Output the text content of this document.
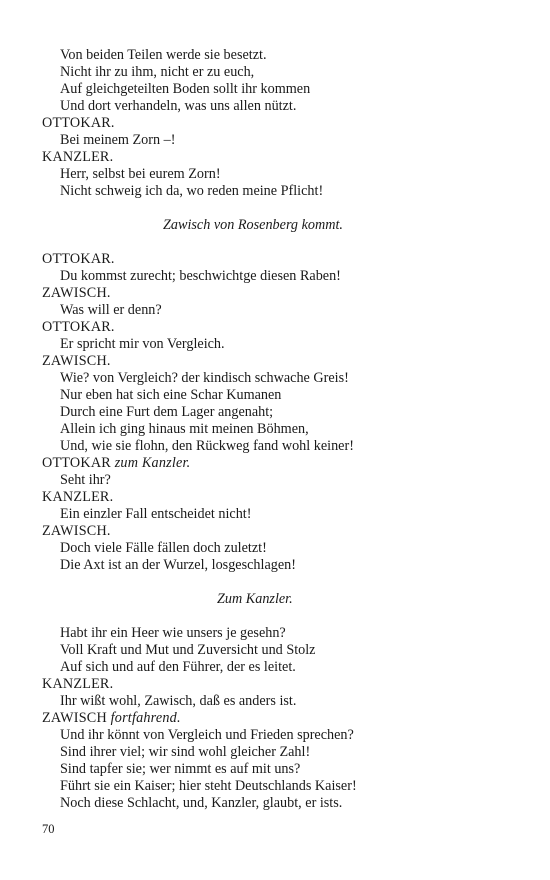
Von beiden Teilen werde sie besetzt.
Nicht ihr zu ihm, nicht er zu euch,
Auf gleichgeteilten Boden sollt ihr kommen
Und dort verhandeln, was uns allen nützt.
OTTOKAR.
Bei meinem Zorn –!
KANZLER.
Herr, selbst bei eurem Zorn!
Nicht schweig ich da, wo reden meine Pflicht!
Zawisch von Rosenberg kommt.
OTTOKAR.
Du kommst zurecht; beschwichtge diesen Raben!
ZAWISCH.
Was will er denn?
OTTOKAR.
Er spricht mir von Vergleich.
ZAWISCH.
Wie? von Vergleich? der kindisch schwache Greis!
Nur eben hat sich eine Schar Kumanen
Durch eine Furt dem Lager angenaht;
Allein ich ging hinaus mit meinen Böhmen,
Und, wie sie flohn, den Rückweg fand wohl keiner!
OTTOKAR zum Kanzler.
Seht ihr?
KANZLER.
Ein einzler Fall entscheidet nicht!
ZAWISCH.
Doch viele Fälle fällen doch zuletzt!
Die Axt ist an der Wurzel, losgeschlagen!
Zum Kanzler.
Habt ihr ein Heer wie unsers je gesehn?
Voll Kraft und Mut und Zuversicht und Stolz
Auf sich und auf den Führer, der es leitet.
KANZLER.
Ihr wißt wohl, Zawisch, daß es anders ist.
ZAWISCH fortfahrend.
Und ihr könnt von Vergleich und Frieden sprechen?
Sind ihrer viel; wir sind wohl gleicher Zahl!
Sind tapfer sie; wer nimmt es auf mit uns?
Führt sie ein Kaiser; hier steht Deutschlands Kaiser!
Noch diese Schlacht, und, Kanzler, glaubt, er ists.
70
